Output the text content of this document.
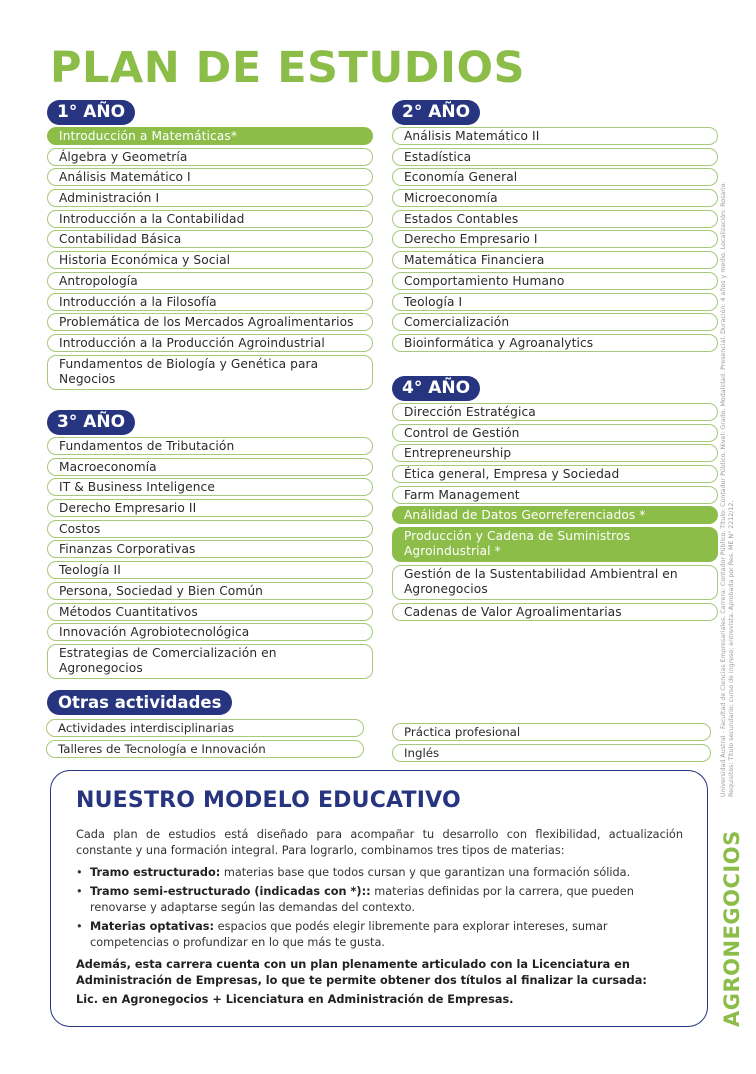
PLAN DE ESTUDIOS
1° AÑO
Introducción a Matemáticas*
Álgebra y Geometría
Análisis Matemático I
Administración I
Introducción a la Contabilidad
Contabilidad Básica
Historia Económica y Social
Antropología
Introducción a la Filosofía
Problemática de los Mercados Agroalimentarios
Introducción a la Producción Agroindustrial
Fundamentos de Biología y Genética para Negocios
2° AÑO
Análisis Matemático II
Estadística
Economía General
Microeconomía
Estados Contables
Derecho Empresario I
Matemática Financiera
Comportamiento Humano
Teología I
Comercialización
Bioinformática y Agroanalytics
3° AÑO
Fundamentos de Tributación
Macroeconomía
IT & Business Inteligence
Derecho Empresario II
Costos
Finanzas Corporativas
Teología II
Persona, Sociedad y Bien Común
Métodos Cuantitativos
Innovación Agrobiotecnológica
Estrategias de Comercialización en Agronegocios
4° AÑO
Dirección Estratégica
Control de Gestión
Entrepreneurship
Ética general, Empresa y Sociedad
Farm Management
Análidad de Datos Georreferenciados *
Producción y Cadena de Suministros Agroindustrial *
Gestión de la Sustentabilidad Ambientral en Agronegocios
Cadenas de Valor Agroalimentarias
Otras actividades
Actividades interdisciplinarias
Talleres de Tecnología e Innovación
Práctica profesional
Inglés
NUESTRO MODELO EDUCATIVO

Cada plan de estudios está diseñado para acompañar tu desarrollo con flexibilidad, actualización constante y una formación integral. Para lograrlo, combinamos tres tipos de materias:

• Tramo estructurado: materias base que todos cursan y que garantizan una formación sólida.
• Tramo semi-estructurado (indicadas con *):: materias definidas por la carrera, que pueden renovarse y adaptarse según las demandas del contexto.
• Materias optativas: espacios que podés elegir libremente para explorar intereses, sumar competencias o profundizar en lo que más te gusta.

Además, esta carrera cuenta con un plan plenamente articulado con la Licenciatura en Administración de Empresas, lo que te permite obtener dos títulos al finalizar la cursada:

Lic. en Agronegocios + Licenciatura en Administración de Empresas.

Universidad Austral - Facultad de Ciencias Empresariales. Carrera: Contador Público. Título: Contador Público. Nivel: Grado. Modalidad: Presencial. Duración: 4 años y medio. Localización: Rosario. Requisitos: Título secundario; curso de ingreso; entrevista. Aprobada por Res. ME N° 2212/12.
AGRONEGOCIOS
